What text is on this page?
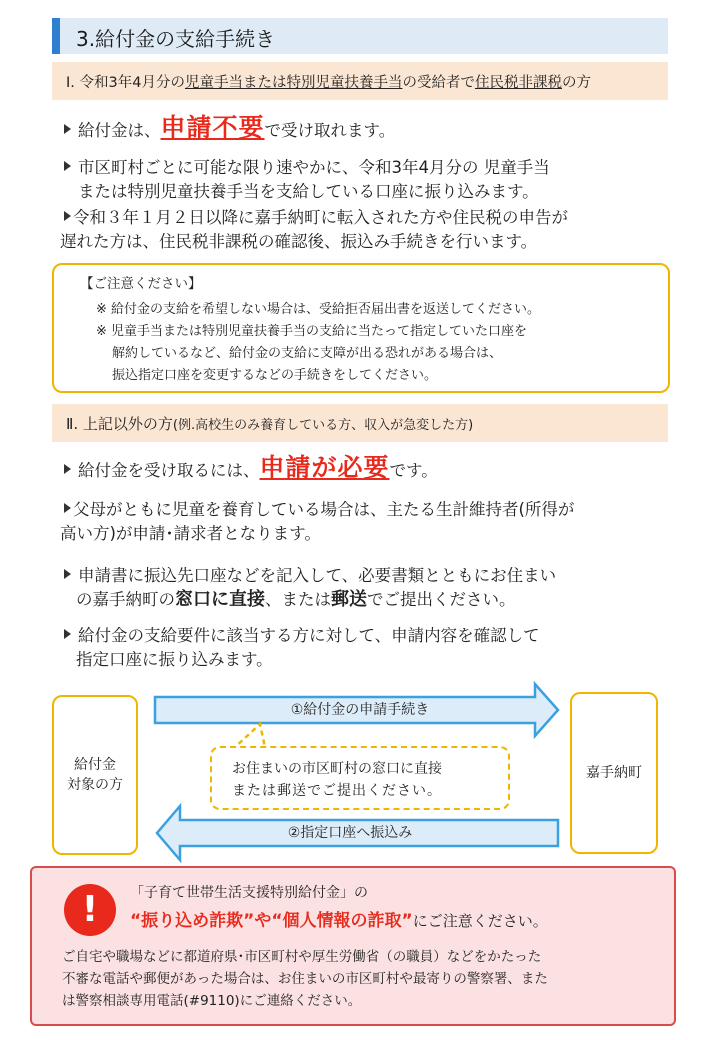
3.給付金の支給手続き
Ⅰ. 令和3年4月分の児童手当または特別児童扶養手当の受給者で住民税非課税の方
給付金は、申請不要で受け取れます。
市区町村ごとに可能な限り速やかに、令和3年4月分の 児童手当
または特別児童扶養手当を支給している口座に振り込みます。
令和３年１月２日以降に嘉手納町に転入された方や住民税の申告が
遅れた方は、住民税非課税の確認後、振込み手続きを行います。
【ご注意ください】
※ 給付金の支給を希望しない場合は、受給拒否届出書を返送してください。
※ 児童手当または特別児童扶養手当の支給に当たって指定していた口座を
解約しているなど、給付金の支給に支障が出る恐れがある場合は、
振込指定口座を変更するなどの手続きをしてください。
Ⅱ. 上記以外の方(例.高校生のみ養育している方、収入が急変した方)
給付金を受け取るには、申請が必要です。
父母がともに児童を養育している場合は、主たる生計維持者(所得が
高い方)が申請･請求者となります。
申請書に振込先口座などを記入して、必要書類とともにお住まい
の嘉手納町の窓口に直接、または郵送でご提出ください。
給付金の支給要件に該当する方に対して、申請内容を確認して
指定口座に振り込みます。
給付金
対象の方
嘉手納町
①給付金の申請手続き
②指定口座へ振込み
お住まいの市区町村の窓口に直接
または郵送でご提出ください。
!	「子育て世帯生活支援特別給付金」の
“振り込め詐欺”や“個人情報の詐取”にご注意ください。
ご自宅や職場などに都道府県･市区町村や厚生労働省（の職員）などをかたった
不審な電話や郵便があった場合は、お住まいの市区町村や最寄りの警察署、また
は警察相談専用電話(#9110)にご連絡ください。
